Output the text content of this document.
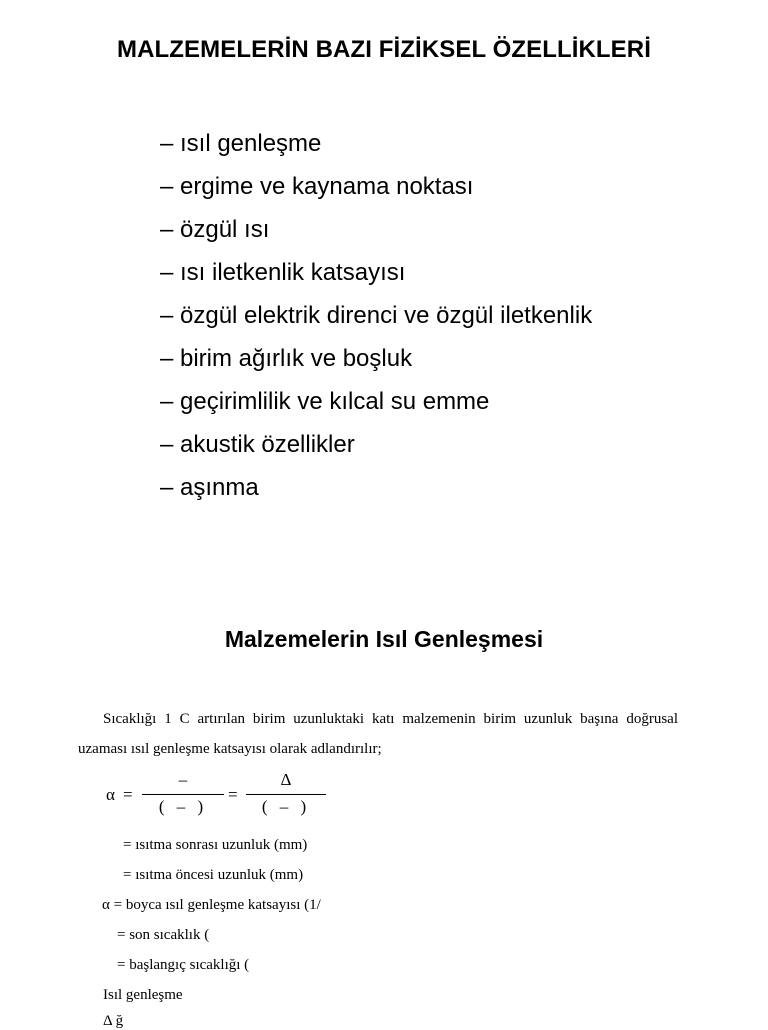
MALZEMELERİN BAZI FİZİKSEL ÖZELLİKLERİ
– ısıl genleşme
– ergime ve kaynama noktası
– özgül ısı
– ısı iletkenlik katsayısı
– özgül elektrik direnci ve özgül iletkenlik
– birim ağırlık ve boşluk
– geçirimlilik ve kılcal su emme
– akustik özellikler
– aşınma
Malzemelerin Isıl Genleşmesi
Sıcaklığı 1 C artırılan birim uzunluktaki katı malzemenin birim uzunluk başına doğrusal uzaması ısıl genleşme katsayısı olarak adlandırılır;
α =
–
( – )
=
Δ
( – )
= ısıtma sonrası uzunluk (mm)
= ısıtma öncesi uzunluk (mm)
α = boyca ısıl genleşme katsayısı (1/
= son sıcaklık (
= başlangıç sıcaklığı (
Isıl genleşme
Δ ğ
